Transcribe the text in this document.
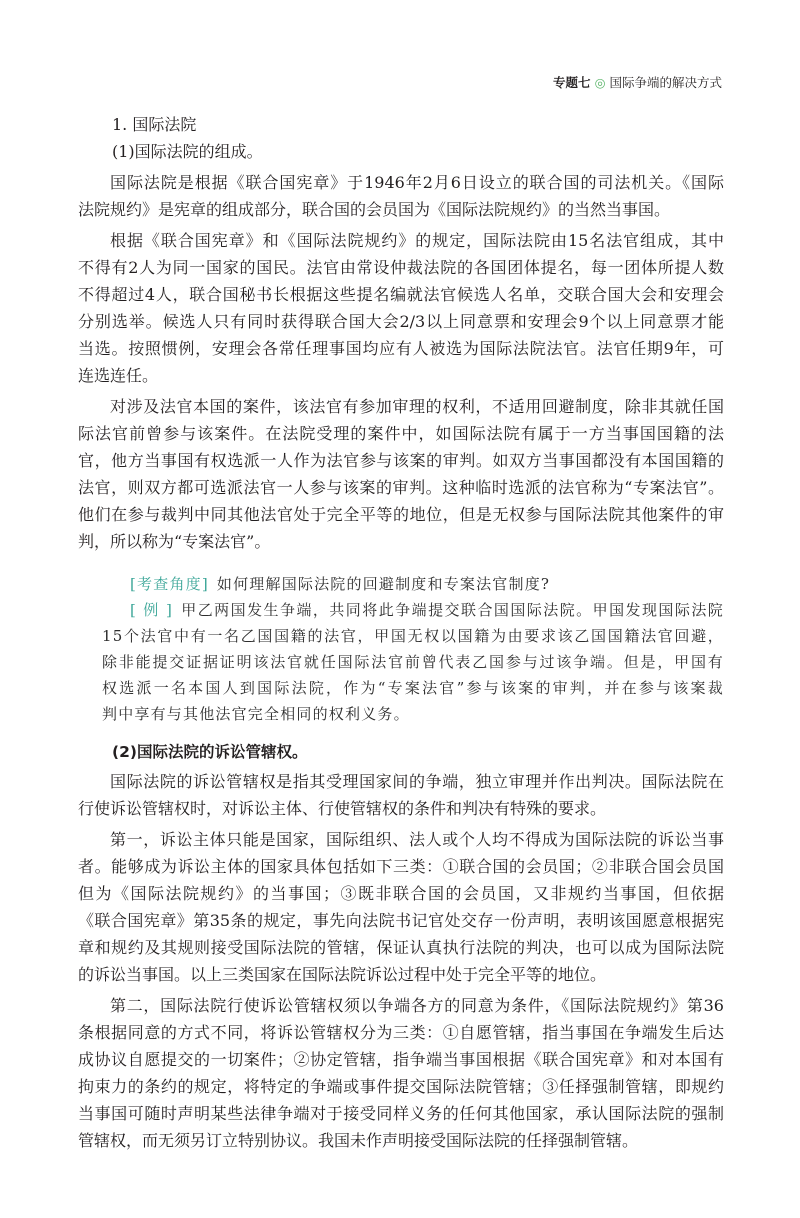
专题七 ◎ 国际争端的解决方式
1. 国际法院
(1)国际法院的组成。
国际法院是根据《联合国宪章》于1946年2月6日设立的联合国的司法机关。《国际
法院规约》是宪章的组成部分，联合国的会员国为《国际法院规约》的当然当事国。
根据《联合国宪章》和《国际法院规约》的规定，国际法院由15名法官组成，其中
不得有2人为同一国家的国民。法官由常设仲裁法院的各国团体提名，每一团体所提人数
不得超过4人，联合国秘书长根据这些提名编就法官候选人名单，交联合国大会和安理会
分别选举。候选人只有同时获得联合国大会2/3以上同意票和安理会9个以上同意票才能
当选。按照惯例，安理会各常任理事国均应有人被选为国际法院法官。法官任期9年，可
连选连任。
对涉及法官本国的案件，该法官有参加审理的权利，不适用回避制度，除非其就任国
际法官前曾参与该案件。在法院受理的案件中，如国际法院有属于一方当事国国籍的法
官，他方当事国有权选派一人作为法官参与该案的审判。如双方当事国都没有本国国籍的
法官，则双方都可选派法官一人参与该案的审判。这种临时选派的法官称为“专案法官”。
他们在参与裁判中同其他法官处于完全平等的地位，但是无权参与国际法院其他案件的审
判，所以称为“专案法官”。
[考查角度] 如何理解国际法院的回避制度和专案法官制度?
[ 例 ] 甲乙两国发生争端，共同将此争端提交联合国国际法院。甲国发现国际法院
15个法官中有一名乙国国籍的法官，甲国无权以国籍为由要求该乙国国籍法官回避，
除非能提交证据证明该法官就任国际法官前曾代表乙国参与过该争端。但是，甲国有
权选派一名本国人到国际法院，作为“专案法官”参与该案的审判，并在参与该案裁
判中享有与其他法官完全相同的权利义务。
(2)国际法院的诉讼管辖权。
国际法院的诉讼管辖权是指其受理国家间的争端，独立审理并作出判决。国际法院在
行使诉讼管辖权时，对诉讼主体、行使管辖权的条件和判决有特殊的要求。
第一，诉讼主体只能是国家，国际组织、法人或个人均不得成为国际法院的诉讼当事
者。能够成为诉讼主体的国家具体包括如下三类：①联合国的会员国；②非联合国会员国
但为《国际法院规约》的当事国；③既非联合国的会员国，又非规约当事国，但依据
《联合国宪章》第35条的规定，事先向法院书记官处交存一份声明，表明该国愿意根据宪
章和规约及其规则接受国际法院的管辖，保证认真执行法院的判决，也可以成为国际法院
的诉讼当事国。以上三类国家在国际法院诉讼过程中处于完全平等的地位。
第二，国际法院行使诉讼管辖权须以争端各方的同意为条件，《国际法院规约》第36
条根据同意的方式不同，将诉讼管辖权分为三类：①自愿管辖，指当事国在争端发生后达
成协议自愿提交的一切案件；②协定管辖，指争端当事国根据《联合国宪章》和对本国有
拘束力的条约的规定，将特定的争端或事件提交国际法院管辖；③任择强制管辖，即规约
当事国可随时声明某些法律争端对于接受同样义务的任何其他国家，承认国际法院的强制
管辖权，而无须另订立特别协议。我国未作声明接受国际法院的任择强制管辖。
